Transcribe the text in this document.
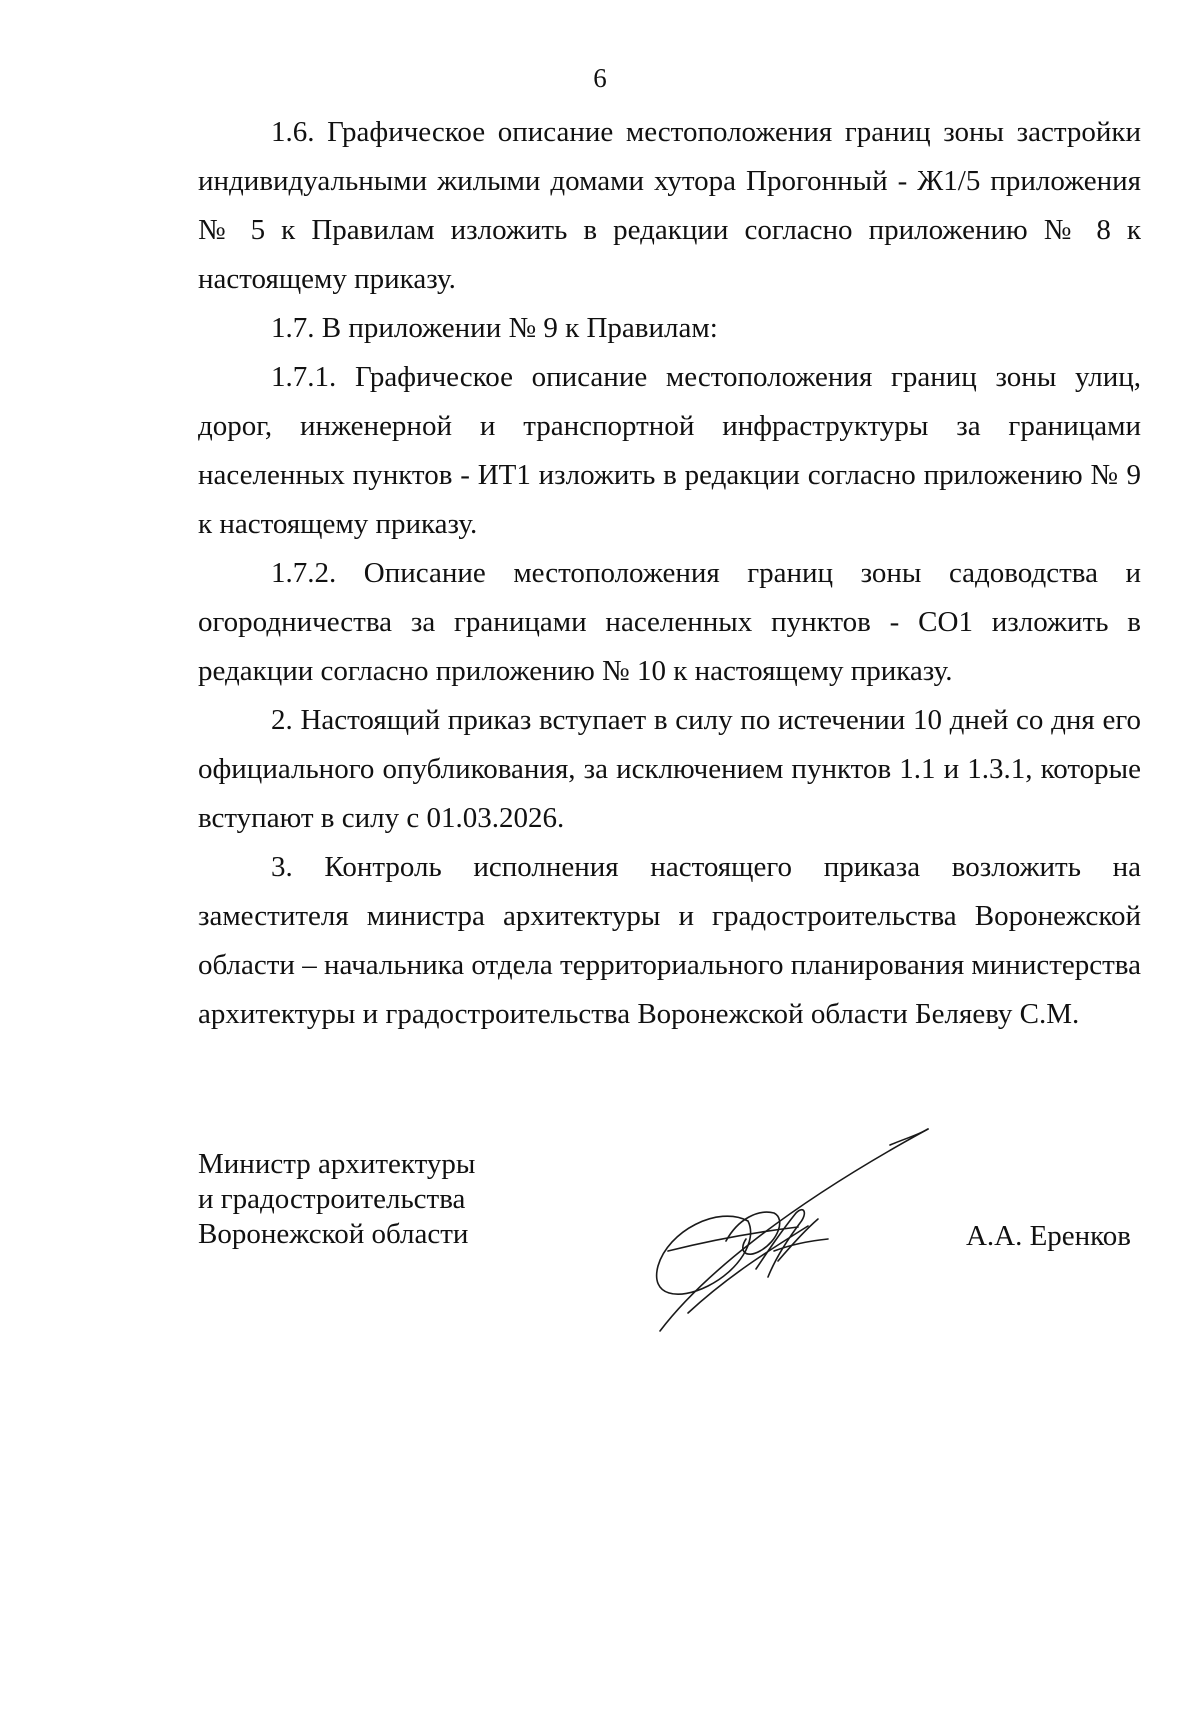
6

1.6. Графическое описание местоположения границ зоны застройки индивидуальными жилыми домами хутора Прогонный - Ж1/5 приложения № 5 к Правилам изложить в редакции согласно приложению № 8 к настоящему приказу.

1.7. В приложении № 9 к Правилам:

1.7.1. Графическое описание местоположения границ зоны улиц, дорог, инженерной и транспортной инфраструктуры за границами населенных пунктов - ИТ1 изложить в редакции согласно приложению № 9 к настоящему приказу.

1.7.2. Описание местоположения границ зоны садоводства и огородничества за границами населенных пунктов - СО1 изложить в редакции согласно приложению № 10 к настоящему приказу.

2. Настоящий приказ вступает в силу по истечении 10 дней со дня его официального опубликования, за исключением пунктов 1.1 и 1.3.1, которые вступают в силу с 01.03.2026.

3. Контроль исполнения настоящего приказа возложить на заместителя министра архитектуры и градостроительства Воронежской области – начальника отдела территориального планирования министерства архитектуры и градостроительства Воронежской области Беляеву С.М.

Министр архитектуры
и градостроительства
Воронежской области	А.А. Еренков
